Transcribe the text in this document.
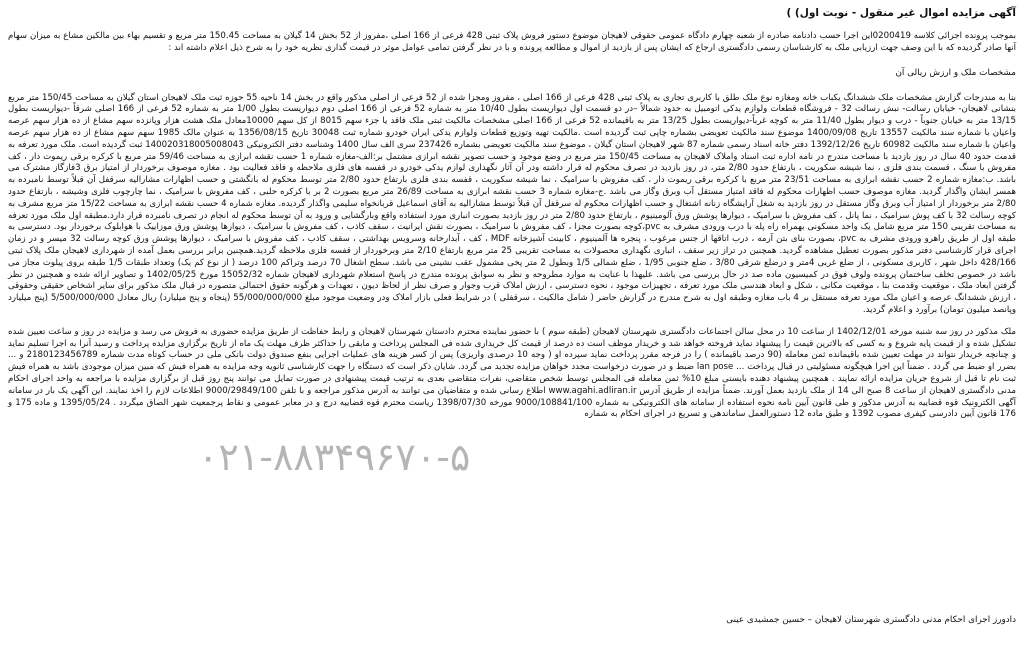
آگهی مزایده اموال غیر منقول - نوبت اول) )

بموجب پرونده اجرائی کلاسه 0200419این اجرا حسب دادنامه صادره از شعبه چهارم دادگاه عمومی حقوقی لاهیجان موضوع دستور فروش پلاک ثبتی 428 فرعی از 166 اصلی ،مفروز از 52 بخش 14 گیلان به مساحت 150.45 متر مربع و تقسیم بهاء بین مالکین مشاع به میزان سهام آنها صادر گردیده که با این وصف جهت ارزیابی ملک به کارشناسان رسمی دادگستری ارجاع که ایشان پس از بازدید از اموال و مطالعه پرونده و با در نظر گرفتن تمامی عوامل موثر در قیمت گذاری نظریه خود را به شرح ذیل اعلام داشته اند :

مشخصات ملک و ارزش ریالی آن

بنا به مندرجات گزارش مشخصات ملک ششدانگ یکباب خانه ومغازه نوع ملک طلق با کاربری تجاری به پلاک ثبتی 428 فرعی از 166 اصلی ، مفروز ومجزا شده از 52 فرعی از اصلی مذکور واقع در بخش 14 ناحیه 55 حوزه ثبت ملک لاهیجان استان گیلان به مساحت 150/45 متر مربع بنشانی لاهیجان- خیابان رسالت- نبش رسالت 32 - فروشگاه قطعات ولوازم یدکی اتومبیل به حدود شمالاً –در دو قسمت اول دیواریست بطول 10/40 متر به شماره 52 فرعی از 166 اصلی دوم دیواریست بطول 1/00 متر به شماره 52 فرعی از 166 اصلی شرقاً -دیواریست بطول 13/15 متر به خیابان جنوباً - درب و دیوار بطول 11/40 متر به کوچه غرباً-دیواریست بطول 13/25 متر به باقیمانده 52 فرعی از 166 اصلی مشخصات مالکیت ثبتی ملک فاقد یا جزء سهم 8015 از کل سهم 10000معادل ملک هشت هزار وپانزده سهم مشاع از ده هزار سهم عرصه واعیان با شماره سند مالکیت 13557 تاریخ 1400/09/08 موضوع سند مالکیت تعویضی بشماره چاپی ثبت گردیده است .مالکیت تهیه وتوزیع قطعات ولوازم یدکی ایران خودرو شماره ثبت 30048 تاریخ 1356/08/15 به عنوان مالک 1985 سهم سهم مشاع از ده هزار سهم عرصه واعیان با شماره سند مالکیت 60982 تاریخ 1392/12/26 دفتر خانه اسناد رسمی شماره 87 شهر لاهیجان استان گیلان ، موضوع سند مالکیت تعویضی بشماره 237426 سری الف سال 1400 وشناسه دفتر الکترونیکی 140020318005008043 ثبت گردیده است. ملک مورد تعرفه به قدمت حدود 40 سال در روز بازدید با مساحت مندرج در نامه اداره ثبت اسناد واملاک لاهیجان به مساحت 150/45 متر مربع در وضع موجود و حسب تصویر نقشه ابرازی مشتمل بر:الف-مغازه شماره 1 حسب نقشه ابرازی به مساحت 59/46 متر مربع با کرکره برقی ریموت دار ، کف مفروش با سنگ ، قسمت بندی فلزی ، نما شیشه سکوریت ، بارتفاع حدود 2/80 متر، در روز بازدید در تصرف محکوم له قرار داشته ودر آن آثار نگهداری لوازم یدکی خودرو در قفسه های فلزی ملاحظه و فاقد فعالیت بود . مغازه موصوف برخوردار از امتیاز برق 3فازگاز مشترک می باشد. ب:مغازه شماره 2 حسب نقشه ابرازی به مساحت 23/51 متر مربع با کرکره برقی ریموت دار ، کف مفروش با سرامیک ، نما شیشه سکوریت ، قفسه بندی فلزی بارتفاع حدود 2/80 متر توسط محکوم له بانگشتی و حسب اظهارات مشارالیه سرقفل آن قبلاً توسط نامبرده به همسر ایشان واگذار گردید. مغازه موصوف حسب اظهارات محکوم له فاقد امتیاز مستقل آب وبرق وگاز می باشد .ج-مغازه شماره 3 حسب نقشه ابرازی به مساحت 26/89 متر مربع بصورت 2 بر با کرکره حلبی ، کف مفروش با سرامیک ، نما چارچوب فلزی وشیشه ، بارتفاع حدود 2/80 متر برخوردار از امتیاز آب وبرق وگاز مستقل در روز بازدید به شغل آرایشگاه زنانه اشتغال و حسب اظهارات محکوم له سرقفل آن قبلاً توسط مشارالیه به آقای اسماعیل قربانخواه سلیمی واگذار گردیده. مغازه شماره 4 حسب نقشه ابرازی به مساحت 15/22 متر مربع مشرف به کوچه رسالت 32 با کف پوش سرامیک ، نما پانل ، کف مفروش با سرامیک ، دیوارها پوشش ورق آلومینیوم ، بارتفاع حدود 2/80 متر در روز بازدید بصورت انباری مورد استفاده واقع وبارگشایی و ورود به آن توسط محکوم له انجام در تصرف نامبرده قرار دارد.مطبقه اول ملک مورد تعرفه به مساحت تقریبی 150 متر مربع شامل یک واحد مسکونی بهمراه راه پله با درب ورودی مشرف به pvc،کوچه بصورت مجزا ، کف مفروش با سرامیک ، بصورت نقش ایرانیت ، سقف کاذب ، کف مفروش با سرامیک ، دیوارها پوشش ورق موزاییک با هوابلوک برخوردار بود. دسترسی به طبقه اول از طریق راهرو ورودی مشرف به pvc، بصورت بنای بتن آرمه ، درب اتاقها از جنس مرغوب ، پنجره ها آلمینیوم ، کابینت آشپزخانه MDF ، کف ، آبدارخانه وسرویس بهداشتی ، سقف کاذب ، کف مفروش با سرامیک ، دیوارها پوشش ورق کوچه رسالت 32 میسر و در زمان اجرای قرار کارشناسی دفتر مذکور بصورت تعطیل مشاهده گردید. همچنین در تراز زیر سقف ، انباری نگهداری محصولات به مساحت تقریبی 25 متر مربع بارتفاع 2/10 متر وبرخوردار از قفسه فلزی ملاحظه گردید.همچنین برابر بررسی بعمل آمده از شهرداری لاهیجان ملک پلاک ثبتی 428/166 داخل شهر ، کاربری مسکونی ، از ضلع غربی 4متر و درضلع شرقی 3/80 ، ضلع جنوبی 1/95 ، ضلع شمالی 1/5 وبطول 2 متر پخی مشمول عقب نشینی می باشد. سطح اشغال 70 درصد وتراکم 100 درصد ( از نوع کم یک) وتعداد طبقات 1/5 طبقه بروی پیلوت مجاز می باشد در خصوص تخلف ساختمان پرونده ولوف فوق در کمیسیون ماده صد در حال بررسی می باشد. علیهذا با عنایت به موارد مطروحه و نظر به سوابق پرونده مندرج در پاسخ استعلام شهرداری لاهیجان شماره 15052/32 مورخ 1402/05/25 و تصاویر ارائه شده و همچنین در نظر گرفتن ابعاد ملک ، موقعیت وقدمت بنا ، موقعیت مکانی ، شکل و ابعاد هندسی ملک مورد تعرفه ، تجهیزات موجود ، نحوه دسترسی ، ارزش املاک قرب وجوار و صرف نظر از لحاظ دیون ، تعهدات و هرگونه حقوق احتمالی متصوره در قبال ملک مذکور برای سایر اشخاص حقیقی وحقوقی ، ارزش ششدانگ عرصه و اعیان ملک مورد تعرفه مستقل بر 4 باب مغازه وطبقه اول به شرح مندرج در گزارش حاضر ( شامل مالکیت ، سرقفلی ) در شرایط فعلی بازار املاک ودر وضعیت موجود مبلغ 55/000/000/000 (پنجاه و پنج میلیارد) ریال معادل 5/500/000/000 (پنج میلیارد وپانصد میلیون تومان) برآورد و اعلام گردید.

ملک مذکور در روز سه شنبه مورخه 1402/12/01 از ساعت 10 در محل سالن اجتماعات دادگستری شهرستان لاهیجان (طبقه سوم ) با حضور نماینده محترم دادستان شهرستان لاهیجان و رابط حفاظت از طریق مزایده حضوری به فروش می رسد و مزایده در روز و ساعت تعیین شده تشکیل شده و از قیمت پایه شروع و به کسی که بالاترین قیمت را پیشنهاد نماید فروخته خواهد شد و خریدار موظف است ده درصد از قیمت کل خریداری شده فی المجلس پرداخت و مابقی را حداکثر ظرف مهلت یک ماه از تاریخ برگزاری مزایده پرداخت و رسید آنرا به اجرا تسلیم نماید و چنانچه خریدار نتواند در مهلت تعیین شده باقیمانده ثمن معامله (90 درصد باقیمانده ) را در فرجه مقرر پرداخت نماید سپرده او ( وجه 10 درصدی واریزی) پس از کسر هزینه های عملیات اجرایی بنفع صندوق دولت بانکی ملی در حساب کوتاه مدت شماره 2180123456789 و ... بضرر او ضبط می گردد . ضمناً این اجرا هیچگونه مسئولیتی در قبال پرداخت ... lan pose ضبط و در صورت درخواست مجدد خواهان مزایده تجدید می گردد. شایان ذکر است که دستگاه را جهت کارشناسی ثانویه وجه مزایده به همراه فیش که مبین میزان موجودی باشد به همراه فیش ثبت نام تا قبل از شروع جریان مزایده ارائه نمایند . همچنین پیشنهاد دهنده بایستی مبلغ 10% ثمن معامله فی المجلس توسط شخص متقاضی، نفرات متقاضی بعدی به ترتیب قیمت پیشنهادی در صورت تمایل می توانند پنج روز قبل از برگزاری مزایده با مراجعه به واحد اجرای احکام مدنی دادگستری لاهیجان از ساعت 8 صبح الی 14 از ملک بازدید بعمل آورند. ضمناً مزایده از طریق آدرس www.agahi.adliran.ir اطلاع رسانی شده و متقاضیان می توانند به آدرس مذکور مراجعه و با تلفن 9000/29849/100 اطلاعات لازم را اخذ نمایند. این آگهی یک بار در سامانه آگهی الکترونیک قوه قضاییه به آدرس مذکور و طی قانون آیین نامه نحوه استفاده از سامانه های الکترونیکی به شماره 9000/108841/100 مورخه 1398/07/30 ریاست محترم قوه قضاییه درج و در معابر عمومی و نقاط پرجمعیت شهر الصاق میگردد . 1395/05/24 و ماده 175 و 176 قانون آیین دادرسی کیفری مصوب 1392 و طبق ماده 12 دستورالعمل ساماندهی و تسریع در اجرای احکام به شماره

۰۲۱-۸۸۳۴۹۶۷۰-۵
دادورز اجرای احکام مدنی دادگستری شهرستان لاهیجان – حسین جمشیدی عینی
